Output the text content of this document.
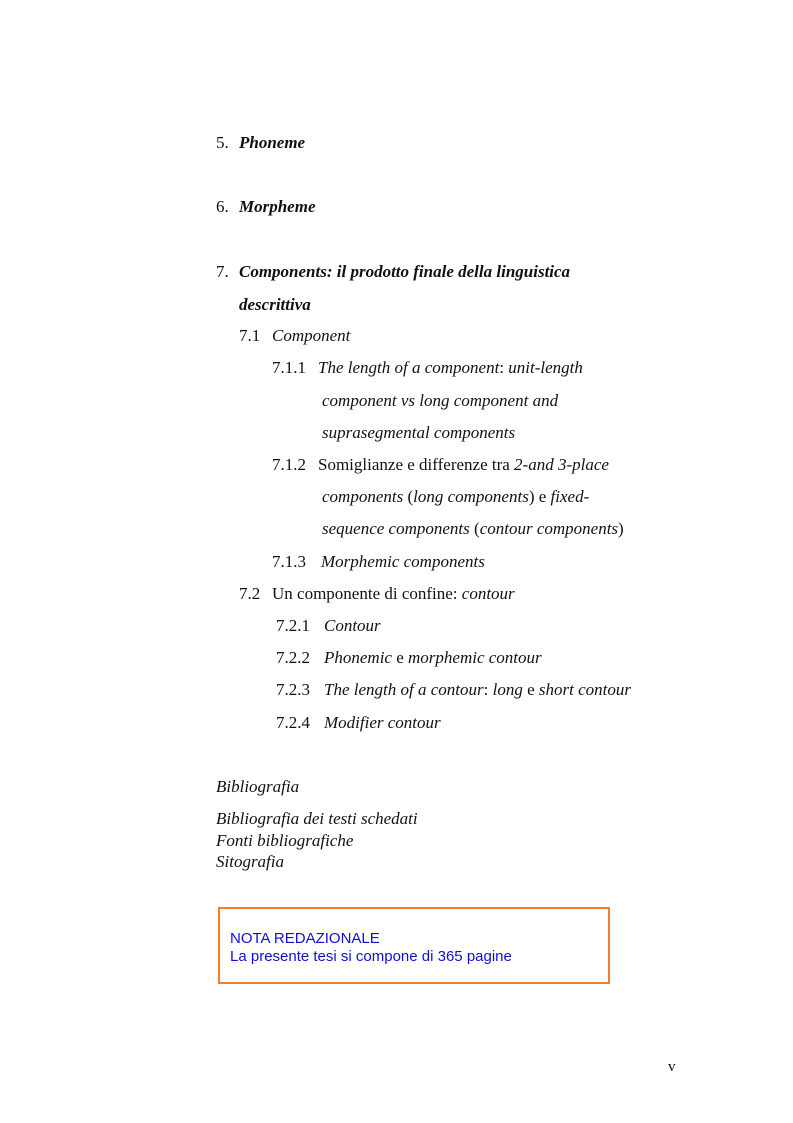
5. Phoneme
6. Morpheme
7. Components: il prodotto finale della linguistica
descrittiva
7.1 Component
7.1.1 The length of a component: unit-length
component vs long component and
suprasegmental components
7.1.2 Somiglianze e differenze tra 2-and 3-place
components (long components) e fixed-
sequence components (contour components)
7.1.3 Morphemic components
7.2 Un componente di confine: contour
7.2.1 Contour
7.2.2 Phonemic e morphemic contour
7.2.3 The length of a contour: long e short contour
7.2.4 Modifier contour
Bibliografia
Bibliografia dei testi schedati
Fonti bibliografiche
Sitografia
NOTA REDAZIONALE
La presente tesi si compone di 365 pagine
v
